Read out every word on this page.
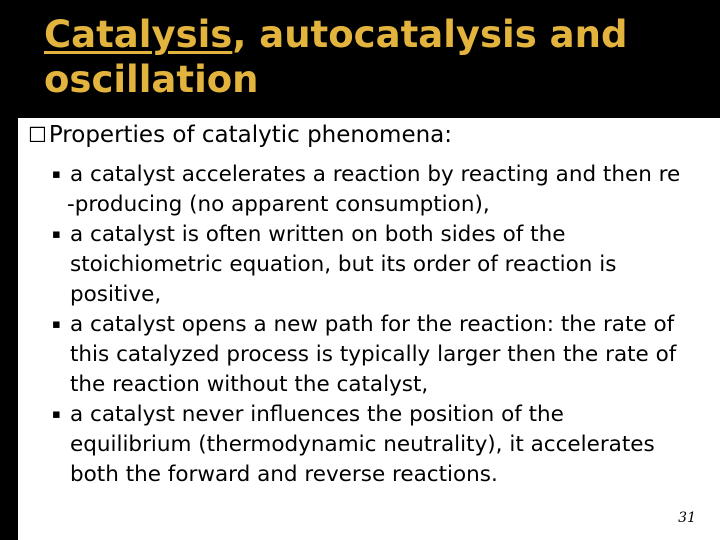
Catalysis, autocatalysis and
oscillation
☐Properties of catalytic phenomena:
▪ a catalyst accelerates a reaction by reacting and then re
-producing (no apparent consumption),
▪ a catalyst is often written on both sides of the
stoichiometric equation, but its order of reaction is
positive,
▪ a catalyst opens a new path for the reaction: the rate of
this catalyzed process is typically larger then the rate of
the reaction without the catalyst,
▪ a catalyst never influences the position of the
equilibrium (thermodynamic neutrality), it accelerates
both the forward and reverse reactions.
31
